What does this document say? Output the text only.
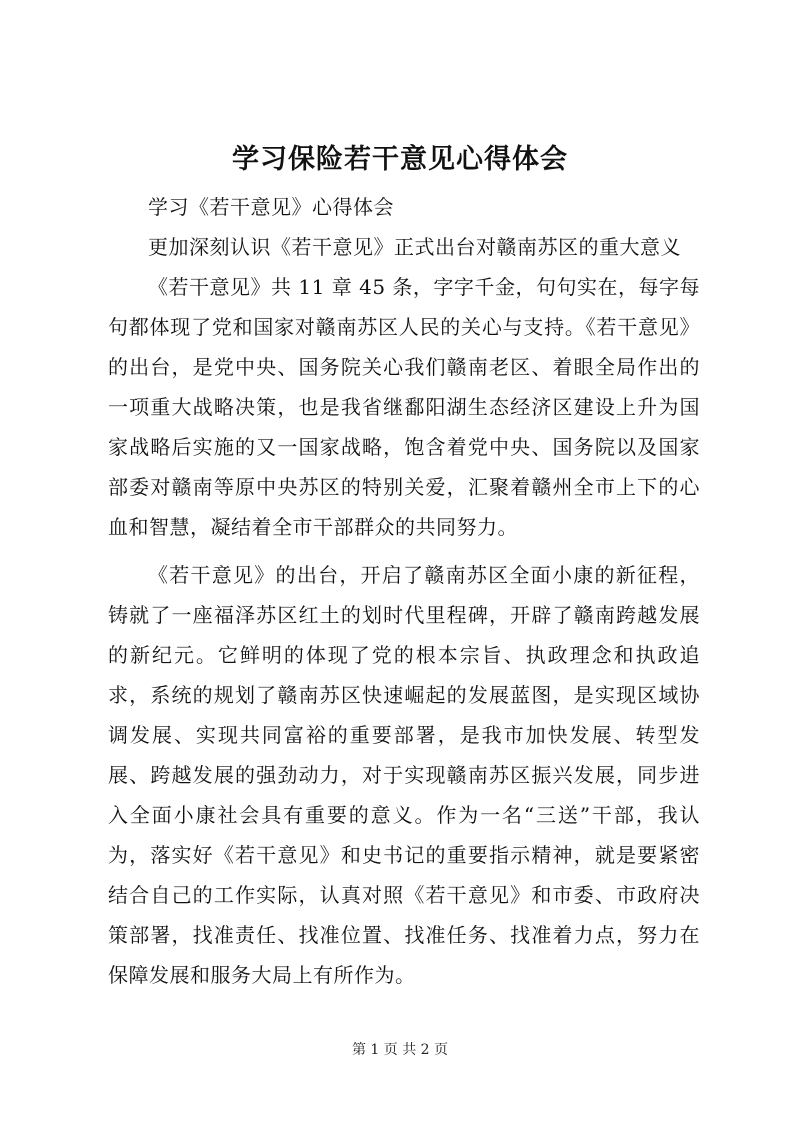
学习保险若干意见心得体会

学习《若干意见》心得体会

更加深刻认识《若干意见》正式出台对赣南苏区的重大意义

《若干意见》共 11 章 45 条，字字千金，句句实在，每字每句都体现了党和国家对赣南苏区人民的关心与支持。《若干意见》的出台，是党中央、国务院关心我们赣南老区、着眼全局作出的一项重大战略决策，也是我省继鄱阳湖生态经济区建设上升为国家战略后实施的又一国家战略，饱含着党中央、国务院以及国家部委对赣南等原中央苏区的特别关爱，汇聚着赣州全市上下的心血和智慧，凝结着全市干部群众的共同努力。

《若干意见》的出台，开启了赣南苏区全面小康的新征程，铸就了一座福泽苏区红土的划时代里程碑，开辟了赣南跨越发展的新纪元。它鲜明的体现了党的根本宗旨、执政理念和执政追求，系统的规划了赣南苏区快速崛起的发展蓝图，是实现区域协调发展、实现共同富裕的重要部署，是我市加快发展、转型发展、跨越发展的强劲动力，对于实现赣南苏区振兴发展，同步进入全面小康社会具有重要的意义。作为一名“三送”干部，我认为，落实好《若干意见》和史书记的重要指示精神，就是要紧密结合自己的工作实际，认真对照《若干意见》和市委、市政府决策部署，找准责任、找准位置、找准任务、找准着力点，努力在保障发展和服务大局上有所作为。

第 1 页 共 2 页
